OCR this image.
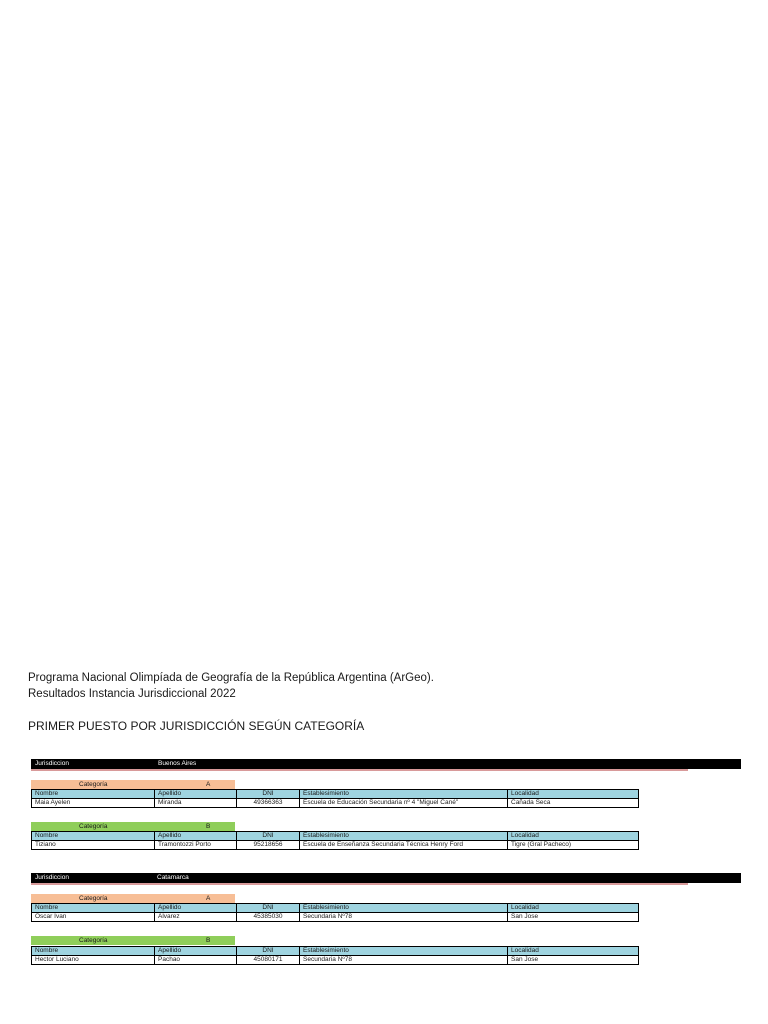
Programa Nacional Olimpíada de Geografía de la República Argentina (ArGeo).
Resultados Instancia Jurisdiccional 2022
PRIMER PUESTO POR JURISDICCIÓN SEGÚN CATEGORÍA
Jurisdiccion	Buenos Aires
Categoría	A
Nombre	Apellido	DNI	Establesimiento	Localidad
Maia Ayelen	Miranda	49366363	Escuela de Educación Secundaria nº 4 "Miguel Cané"	Cañada Seca
Categoría	B
Nombre	Apellido	DNI	Establesimiento	Localidad
Tiziano	Tramontozzi Porto	95218656	Escuela de Enseñanza Secundaria Técnica Henry Ford	Tigre (Gral Pacheco)
Jurisdiccion	Catamarca
Categoría	A
Nombre	Apellido	DNI	Establesimiento	Localidad
Oscar Ivan	Alvarez	45385030	Secundaria Nº78	San Jose
Categoría	B
Nombre	Apellido	DNI	Establesimiento	Localidad
Hector Luciano	Pachao	45080171	Secundaria Nº78	San Jose
